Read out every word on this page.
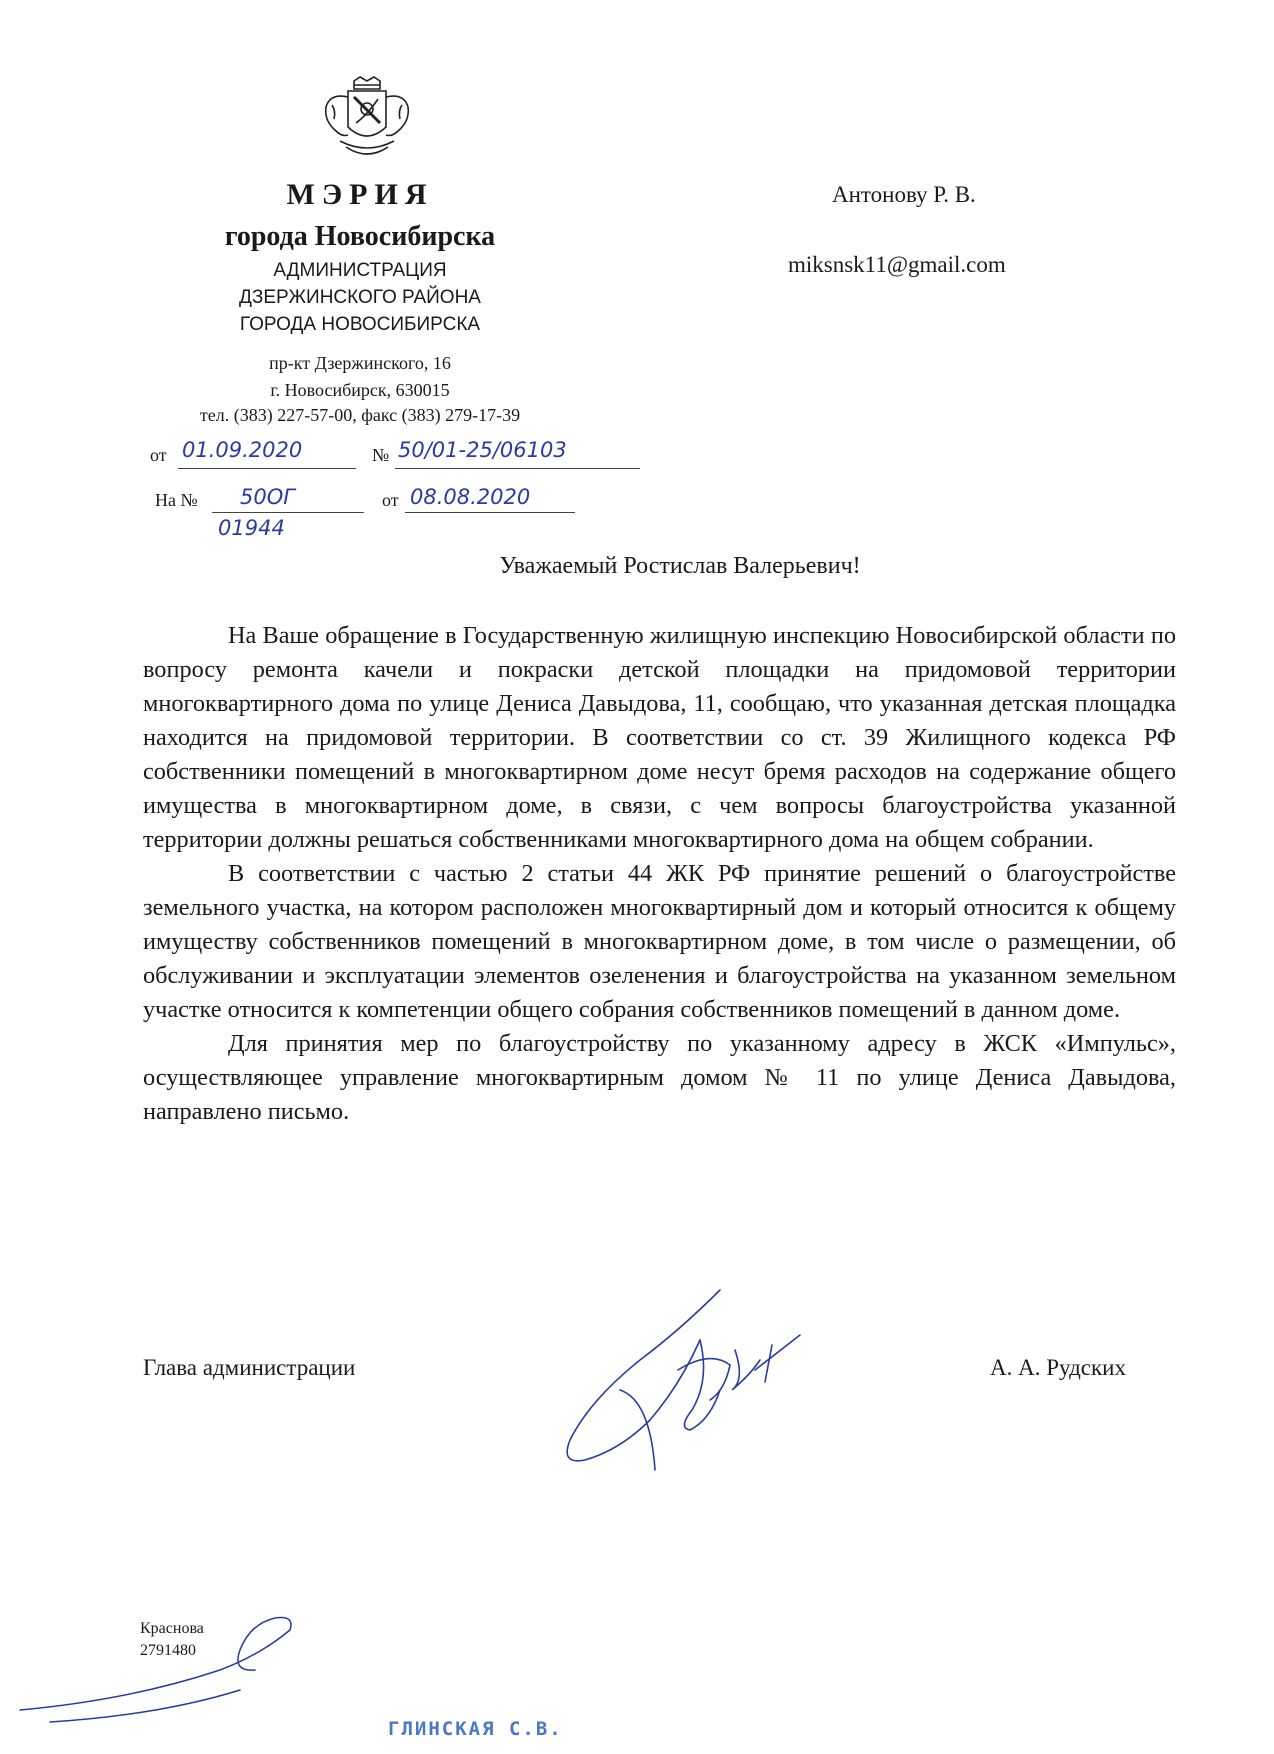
МЭРИЯ
города Новосибирска
АДМИНИСТРАЦИЯ
ДЗЕРЖИНСКОГО РАЙОНА
ГОРОДА НОВОСИБИРСКА
пр-кт Дзержинского, 16
г. Новосибирск, 630015
тел. (383) 227-57-00, факс (383) 279-17-39
от 01.09.2020	№ 50/01-25/06103
На № 50ОГ
01944
от 08.08.2020
Антонову Р. В.
miksnsk11@gmail.com
Уважаемый Ростислав Валерьевич!

На Ваше обращение в Государственную жилищную инспекцию Новосибирской области по вопросу ремонта качели и покраски детской площадки на придомовой территории многоквартирного дома по улице Дениса Давыдова, 11, сообщаю, что указанная детская площадка находится на придомовой территории. В соответствии со ст. 39 Жилищного кодекса РФ собственники помещений в многоквартирном доме несут бремя расходов на содержание общего имущества в многоквартирном доме, в связи, с чем вопросы благоустройства указанной территории должны решаться собственниками многоквартирного дома на общем собрании.

В соответствии с частью 2 статьи 44 ЖК РФ принятие решений о благоустройстве земельного участка, на котором расположен многоквартирный дом и который относится к общему имуществу собственников помещений в многоквартирном доме, в том числе о размещении, об обслуживании и эксплуатации элементов озеленения и благоустройства на указанном земельном участке относится к компетенции общего собрания собственников помещений в данном доме.

Для принятия мер по благоустройству по указанному адресу в ЖСК «Импульс», осуществляющее управление многоквартирным домом № 11 по улице Дениса Давыдова, направлено письмо.

Глава администрации	А. А. Рудских
Краснова
2791480
ГЛИНСКАЯ С.В.
